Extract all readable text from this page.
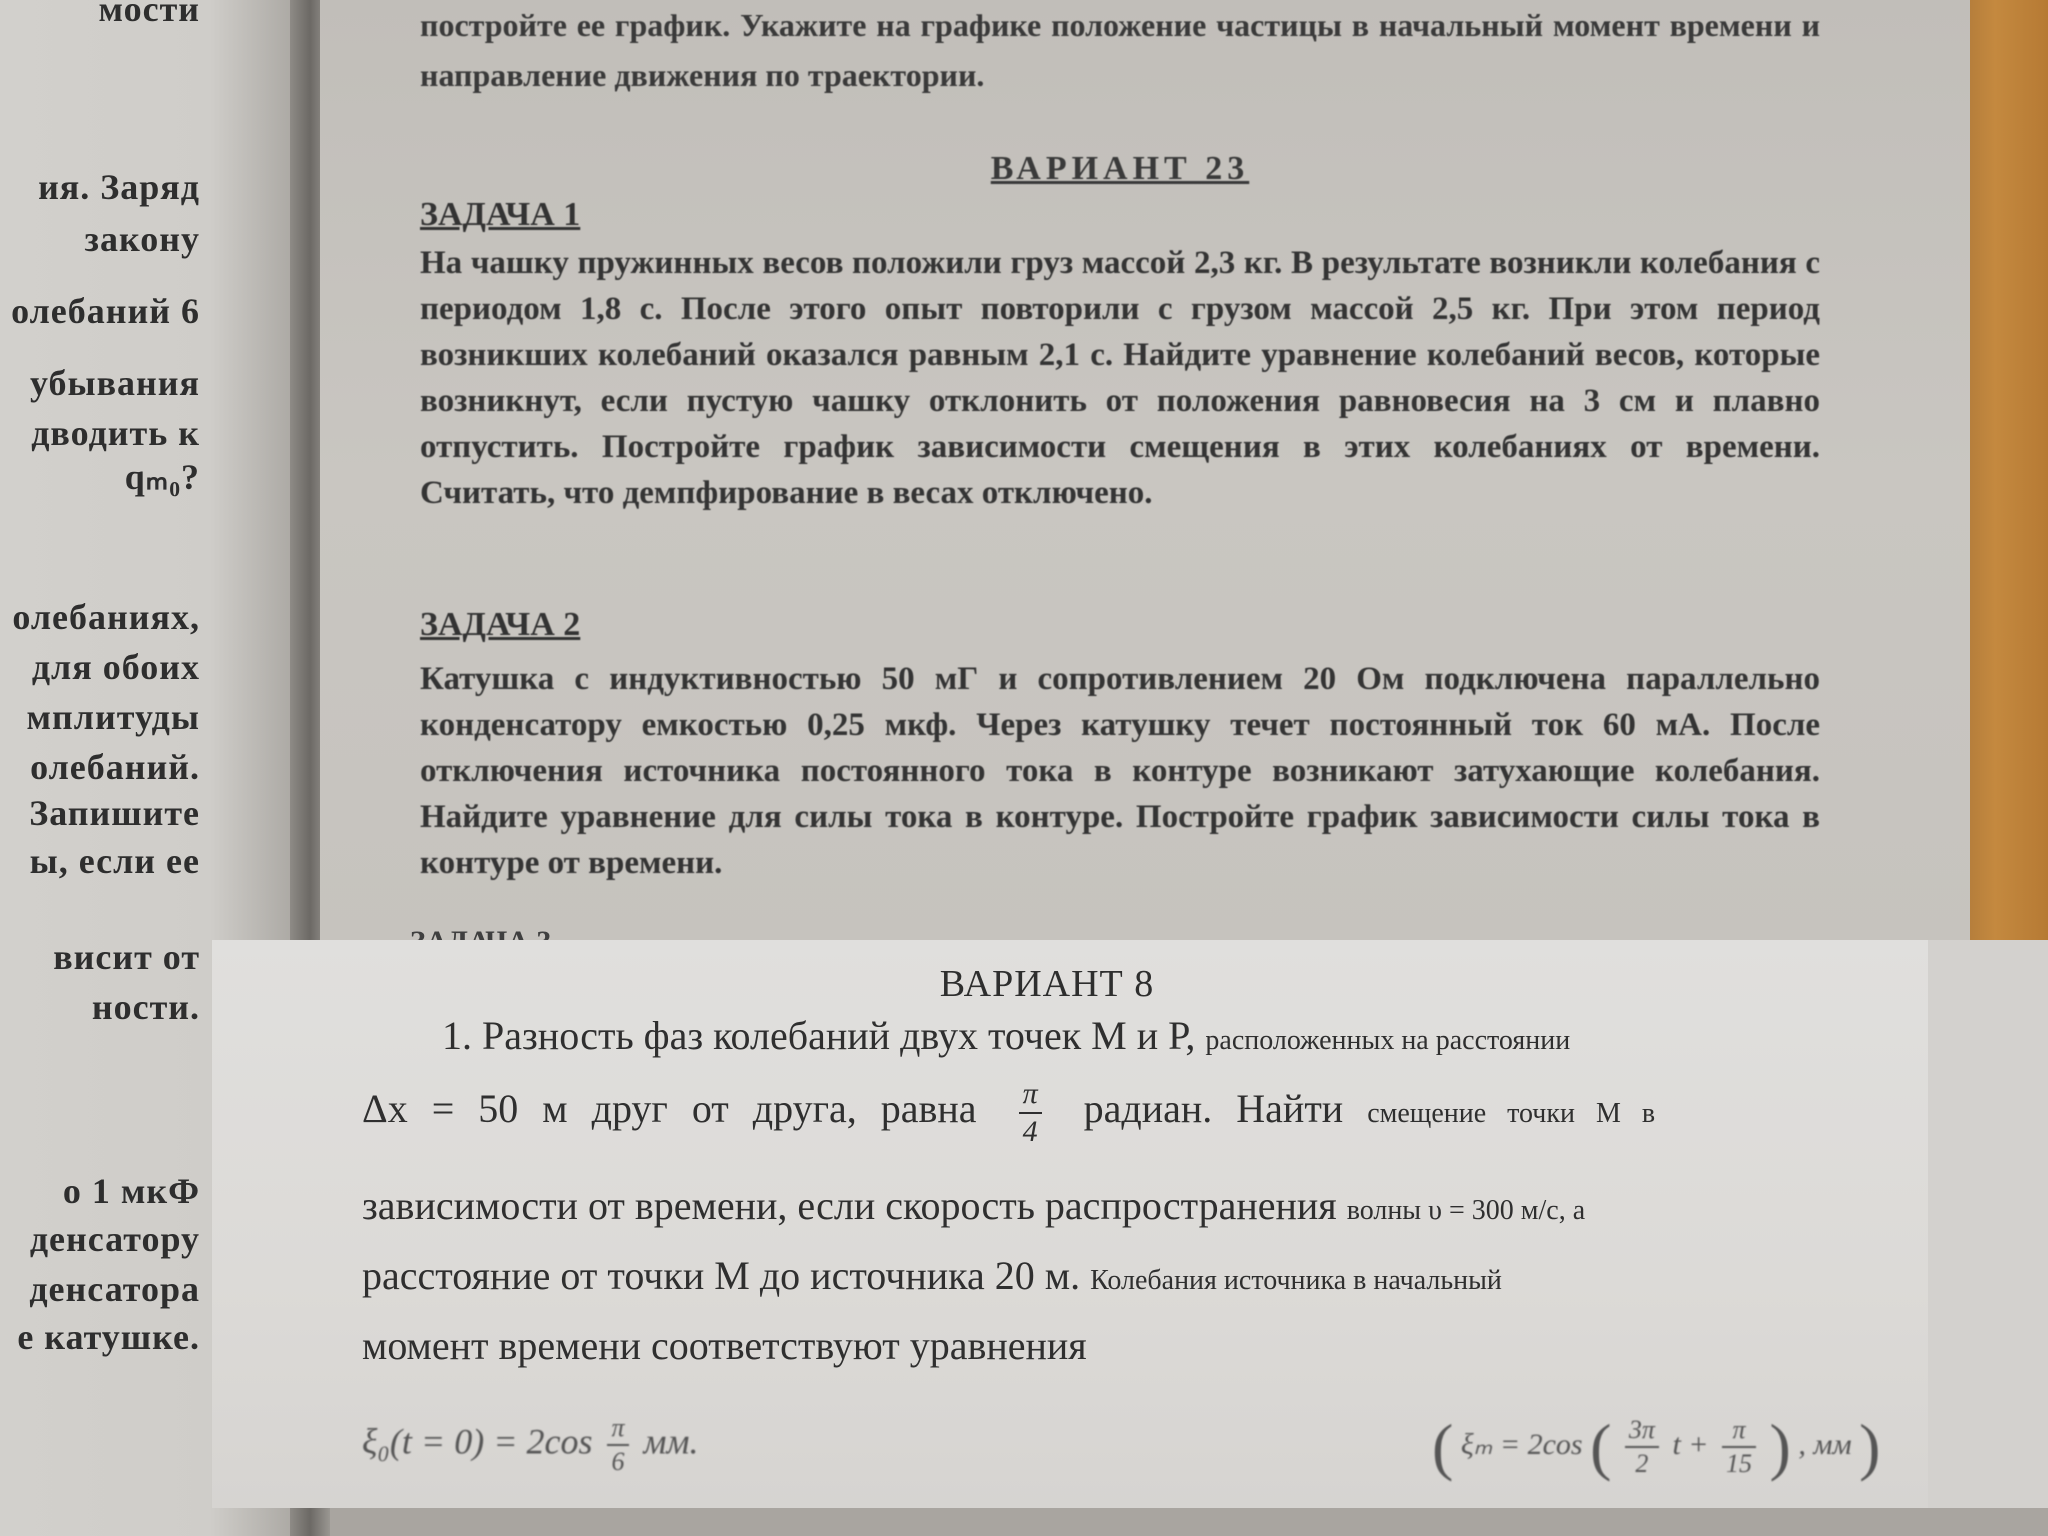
мости
ия. Заряд
закону
олебаний 6
убывания
дводить к
qₘ₀?
олебаниях,
для обоих
мплитуды
олебаний.
Запишите
ы, если ее
висит от
ности.
о 1 мкФ
денсатору
денсатора
е катушке.
постройте ее график. Укажите на графике положение частицы в начальный момент времени и направление движения по траектории.
ВАРИАНТ 23
ЗАДАЧА 1
На чашку пружинных весов положили груз массой 2,3 кг. В результате возникли колебания с периодом 1,8 с. После этого опыт повторили с грузом массой 2,5 кг. При этом период возникших колебаний оказался равным 2,1 с. Найдите уравнение колебаний весов, которые возникнут, если пустую чашку отклонить от положения равновесия на 3 см и плавно отпустить. Постройте график зависимости смещения в этих колебаниях от времени. Считать, что демпфирование в весах отключено.
ЗАДАЧА 2
Катушка с индуктивностью 50 мГ и сопротивлением 20 Ом подключена параллельно конденсатору емкостью 0,25 мкф. Через катушку течет постоянный ток 60 мА. После отключения источника постоянного тока в контуре возникают затухающие колебания. Найдите уравнение для силы тока в контуре. Постройте график зависимости силы тока в контуре от времени.
ВАРИАНТ 8
1. Разность фаз колебаний двух точек М и Р, расположенных на расстоянии
Δx = 50 м друг от друга, равна $\frac{\pi}{4}$ радиан. Найти смещение точки М в
зависимости от времени, если скорость распространения волны υ = 300 м/с, а
расстояние от точки М до источника 20 м. Колебания источника в начальный
момент времени соответствуют уравнения
$\xi_0(t = 0) = 2\cos \frac{\pi}{6}$ мм.	( ξₘ = 2cos ( $\frac{3\pi}{2}$ $t + \frac{\pi}{15}$ ) , мм )
